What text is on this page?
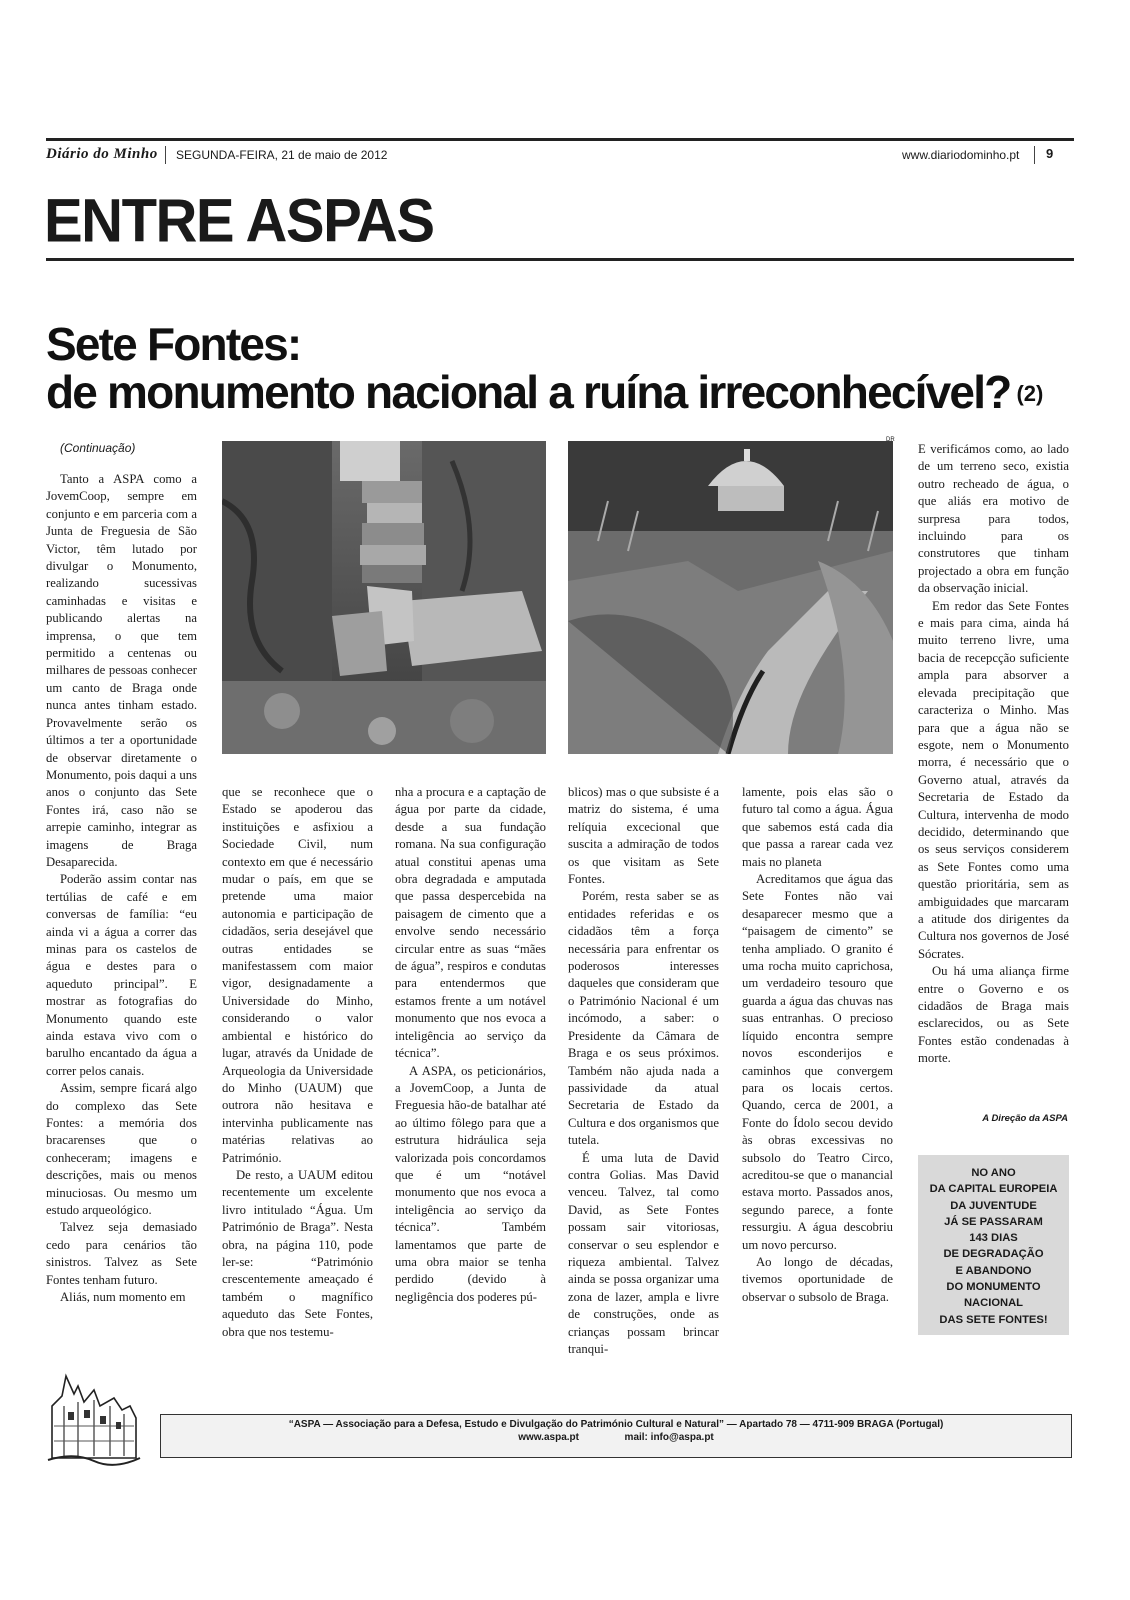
Diário do Minho SEGUNDA-FEIRA, 21 de maio de 2012	www.diariodominho.pt 9
ENTRE ASPAS
Sete Fontes:
de monumento nacional a ruína irreconhecível? $^{(2)}$
(Continuação)
DR

Tanto a ASPA como a JovemCoop, sempre em conjunto e em parceria com a Junta de Freguesia de São Victor, têm lutado por divulgar o Monumento, realizando sucessivas caminhadas e visitas e publicando alertas na imprensa, o que tem permitido a centenas ou milhares de pessoas conhecer um canto de Braga onde nunca antes tinham estado. Provavelmente serão os últimos a ter a oportunidade de observar diretamente o Monumento, pois daqui a uns anos o conjunto das Sete Fontes irá, caso não se arrepie caminho, integrar as imagens de Braga Desaparecida.

Poderão assim contar nas tertúlias de café e em conversas de família: “eu ainda vi a água a correr das minas para os castelos de água e destes para o aqueduto principal”. E mostrar as fotografias do Monumento quando este ainda estava vivo com o barulho encantado da água a correr pelos canais.

Assim, sempre ficará algo do complexo das Sete Fontes: a memória dos bracarenses que o conheceram; imagens e descrições, mais ou menos minuciosas. Ou mesmo um estudo arqueológico.

Talvez seja demasiado cedo para cenários tão sinistros. Talvez as Sete Fontes tenham futuro.

Aliás, num momento em

que se reconhece que o Estado se apoderou das instituições e asfixiou a Sociedade Civil, num contexto em que é necessário mudar o país, em que se pretende uma maior autonomia e participação de cidadãos, seria desejável que outras entidades se manifestassem com maior vigor, designadamente a Universidade do Minho, considerando o valor ambiental e histórico do lugar, através da Unidade de Arqueologia da Universidade do Minho (UAUM) que outrora não hesitava e intervinha publicamente nas matérias relativas ao Património.

De resto, a UAUM editou recentemente um excelente livro intitulado “Água. Um Património de Braga”. Nesta obra, na página 110, pode ler-se: “Património crescentemente ameaçado é também o magnífico aqueduto das Sete Fontes, obra que nos testemu-

nha a procura e a captação de água por parte da cidade, desde a sua fundação romana. Na sua configuração atual constitui apenas uma obra degradada e amputada que passa despercebida na paisagem de cimento que a envolve sendo necessário circular entre as suas “mães de água”, respiros e condutas para entendermos que estamos frente a um notável monumento que nos evoca a inteligência ao serviço da técnica”.

A ASPA, os peticionários, a JovemCoop, a Junta de Freguesia hão-de batalhar até ao último fôlego para que a estrutura hidráulica seja valorizada pois concordamos que é um “notável monumento que nos evoca a inteligência ao serviço da técnica”. Também lamentamos que parte de uma obra maior se tenha perdido (devido à negligência dos poderes pú-

blicos) mas o que subsiste é a matriz do sistema, é uma relíquia excecional que suscita a admiração de todos os que visitam as Sete Fontes.

Porém, resta saber se as entidades referidas e os cidadãos têm a força necessária para enfrentar os poderosos interesses daqueles que consideram que o Património Nacional é um incómodo, a saber: o Presidente da Câmara de Braga e os seus próximos. Também não ajuda nada a passividade da atual Secretaria de Estado da Cultura e dos organismos que tutela.

É uma luta de David contra Golias. Mas David venceu. Talvez, tal como David, as Sete Fontes possam sair vitoriosas, conservar o seu esplendor e riqueza ambiental. Talvez ainda se possa organizar uma zona de lazer, ampla e livre de construções, onde as crianças possam brincar tranqui-

lamente, pois elas são o futuro tal como a água. Água que sabemos está cada dia que passa a rarear cada vez mais no planeta

Acreditamos que água das Sete Fontes não vai desaparecer mesmo que a “paisagem de cimento” se tenha ampliado. O granito é uma rocha muito caprichosa, um verdadeiro tesouro que guarda a água das chuvas nas suas entranhas. O precioso líquido encontra sempre novos esconderijos e caminhos que convergem para os locais certos. Quando, cerca de 2001, a Fonte do Ídolo secou devido às obras excessivas no subsolo do Teatro Circo, acreditou-se que o manancial estava morto. Passados anos, segundo parece, a fonte ressurgiu. A água descobriu um novo percurso.

Ao longo de décadas, tivemos oportunidade de observar o subsolo de Braga.

E verificámos como, ao lado de um terreno seco, existia outro recheado de água, o que aliás era motivo de surpresa para todos, incluindo para os construtores que tinham projectado a obra em função da observação inicial.

Em redor das Sete Fontes e mais para cima, ainda há muito terreno livre, uma bacia de recepcção suficiente ampla para absorver a elevada precipitação que caracteriza o Minho. Mas para que a água não se esgote, nem o Monumento morra, é necessário que o Governo atual, através da Secretaria de Estado da Cultura, intervenha de modo decidido, determinando que os seus serviços considerem as Sete Fontes como uma questão prioritária, sem as ambiguidades que marcaram a atitude dos dirigentes da Cultura nos governos de José Sócrates.

Ou há uma aliança firme entre o Governo e os cidadãos de Braga mais esclarecidos, ou as Sete Fontes estão condenadas à morte.

A Direção da ASPA
NO ANO
DA CAPITAL EUROPEIA
DA JUVENTUDE
JÁ SE PASSARAM
143 DIAS
DE DEGRADAÇÃO
E ABANDONO
DO MONUMENTO
NACIONAL
DAS SETE FONTES!
“ASPA — Associação para a Defesa, Estudo e Divulgação do Património Cultural e Natural” — Apartado 78 — 4711-909 BRAGA (Portugal)
www.aspa.pt	mail: info@aspa.pt
